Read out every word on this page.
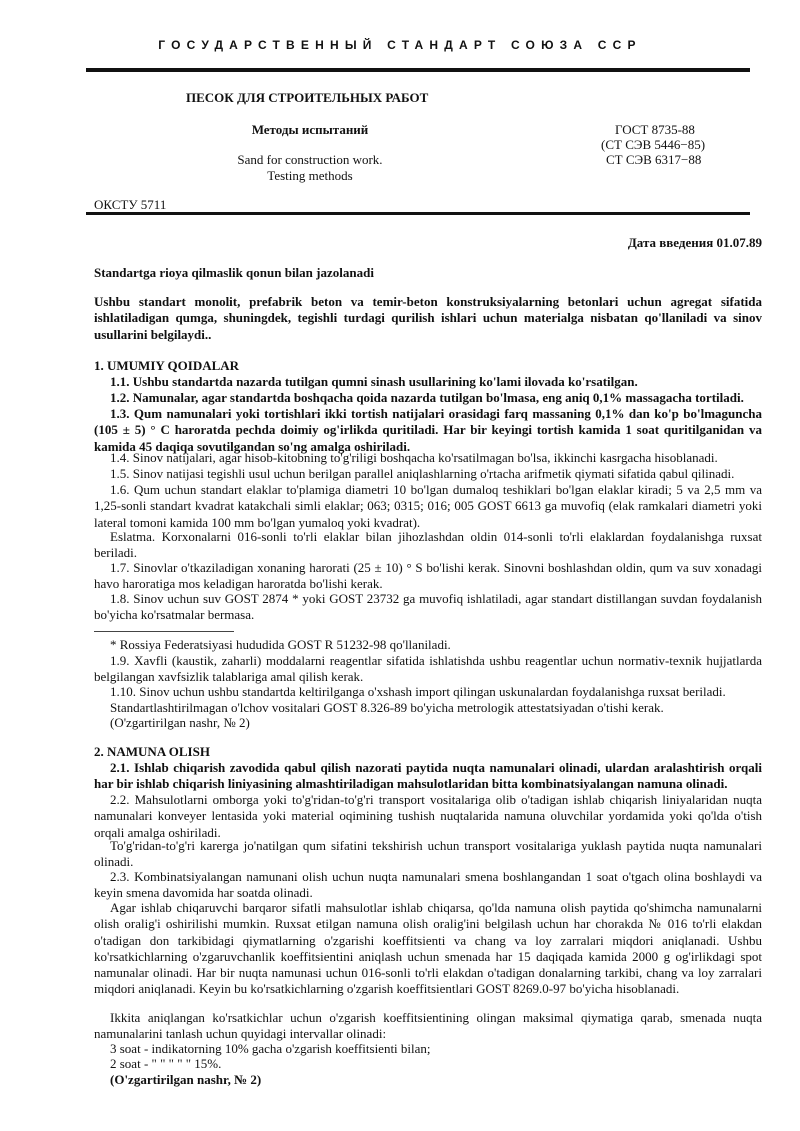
ГОСУДАРСТВЕННЫЙ СТАНДАРТ СОЮЗА ССР
ПЕСОК ДЛЯ СТРОИТЕЛЬНЫХ РАБОТ
Методы испытаний
Sand for construction work.
Testing methods
ГОСТ 8735-88
(СТ СЭВ 5446−85)
СТ СЭВ 6317−88
ОКСТУ 5711
Дата введения 01.07.89
Standartga rioya qilmaslik qonun bilan jazolanadi
Ushbu standart monolit, prefabrik beton va temir-beton konstruksiyalarning betonlari uchun agregat sifatida ishlatiladigan qumga, shuningdek, tegishli turdagi qurilish ishlari uchun materialga nisbatan qo'llaniladi va sinov usullarini belgilaydi..
1. UMUMIY QOIDALAR
1.1. Ushbu standartda nazarda tutilgan qumni sinash usullarining ko'lami ilovada ko'rsatilgan.
1.2. Namunalar, agar standartda boshqacha qoida nazarda tutilgan bo'lmasa, eng aniq 0,1% massagacha tortiladi.
1.3. Qum namunalari yoki tortishlari ikki tortish natijalari orasidagi farq massaning 0,1% dan ko'p bo'lmaguncha (105 ± 5) ° C haroratda pechda doimiy og'irlikda quritiladi. Har bir keyingi tortish kamida 1 soat quritilganidan va kamida 45 daqiqa sovutilgandan so'ng amalga oshiriladi.
1.4. Sinov natijalari, agar hisob-kitobning to'g'riligi boshqacha ko'rsatilmagan bo'lsa, ikkinchi kasrgacha hisoblanadi.
1.5. Sinov natijasi tegishli usul uchun berilgan parallel aniqlashlarning o'rtacha arifmetik qiymati sifatida qabul qilinadi.
1.6. Qum uchun standart elaklar to'plamiga diametri 10 bo'lgan dumaloq teshiklari bo'lgan elaklar kiradi; 5 va 2,5 mm va 1,25-sonli standart kvadrat katakchali simli elaklar; 063; 0315; 016; 005 GOST 6613 ga muvofiq (elak ramkalari diametri yoki lateral tomoni kamida 100 mm bo'lgan yumaloq yoki kvadrat).
Eslatma. Korxonalarni 016-sonli to'rli elaklar bilan jihozlashdan oldin 014-sonli to'rli elaklardan foydalanishga ruxsat beriladi.
1.7. Sinovlar o'tkaziladigan xonaning harorati (25 ± 10) ° S bo'lishi kerak. Sinovni boshlashdan oldin, qum va suv xonadagi havo haroratiga mos keladigan haroratda bo'lishi kerak.
1.8. Sinov uchun suv GOST 2874 * yoki GOST 23732 ga muvofiq ishlatiladi, agar standart distillangan suvdan foydalanish bo'yicha ko'rsatmalar bermasa.
* Rossiya Federatsiyasi hududida GOST R 51232-98 qo'llaniladi.
1.9. Xavfli (kaustik, zaharli) moddalarni reagentlar sifatida ishlatishda ushbu reagentlar uchun normativ-texnik hujjatlarda belgilangan xavfsizlik talablariga amal qilish kerak.
1.10. Sinov uchun ushbu standartda keltirilganga o'xshash import qilingan uskunalardan foydalanishga ruxsat beriladi.
Standartlashtirilmagan o'lchov vositalari GOST 8.326-89 bo'yicha metrologik attestatsiyadan o'tishi kerak.
(O'zgartirilgan nashr, № 2)
2. NAMUNA OLISH
2.1. Ishlab chiqarish zavodida qabul qilish nazorati paytida nuqta namunalari olinadi, ulardan aralashtirish orqali har bir ishlab chiqarish liniyasining almashtiriladigan mahsulotlaridan bitta kombinatsiyalangan namuna olinadi.
2.2. Mahsulotlarni omborga yoki to'g'ridan-to'g'ri transport vositalariga olib o'tadigan ishlab chiqarish liniyalaridan nuqta namunalari konveyer lentasida yoki material oqimining tushish nuqtalarida namuna oluvchilar yordamida yoki qo'lda o'tish orqali amalga oshiriladi.
To'g'ridan-to'g'ri karerga jo'natilgan qum sifatini tekshirish uchun transport vositalariga yuklash paytida nuqta namunalari olinadi.
2.3. Kombinatsiyalangan namunani olish uchun nuqta namunalari smena boshlangandan 1 soat o'tgach olina boshlaydi va keyin smena davomida har soatda olinadi.
Agar ishlab chiqaruvchi barqaror sifatli mahsulotlar ishlab chiqarsa, qo'lda namuna olish paytida qo'shimcha namunalarni olish oralig'i oshirilishi mumkin. Ruxsat etilgan namuna olish oralig'ini belgilash uchun har chorakda № 016 to'rli elakdan o'tadigan don tarkibidagi qiymatlarning o'zgarishi koeffitsienti va chang va loy zarralari miqdori aniqlanadi. Ushbu ko'rsatkichlarning o'zgaruvchanlik koeffitsientini aniqlash uchun smenada har 15 daqiqada kamida 2000 g og'irlikdagi spot namunalar olinadi. Har bir nuqta namunasi uchun 016-sonli to'rli elakdan o'tadigan donalarning tarkibi, chang va loy zarralari miqdori aniqlanadi. Keyin bu ko'rsatkichlarning o'zgarish koeffitsientlari GOST 8269.0-97 bo'yicha hisoblanadi.
Ikkita aniqlangan ko'rsatkichlar uchun o'zgarish koeffitsientining olingan maksimal qiymatiga qarab, smenada nuqta namunalarini tanlash uchun quyidagi intervallar olinadi:
3 soat - indikatorning 10% gacha o'zgarish koeffitsienti bilan;
2 soat - " " " " " 15%.
(O'zgartirilgan nashr, № 2)
